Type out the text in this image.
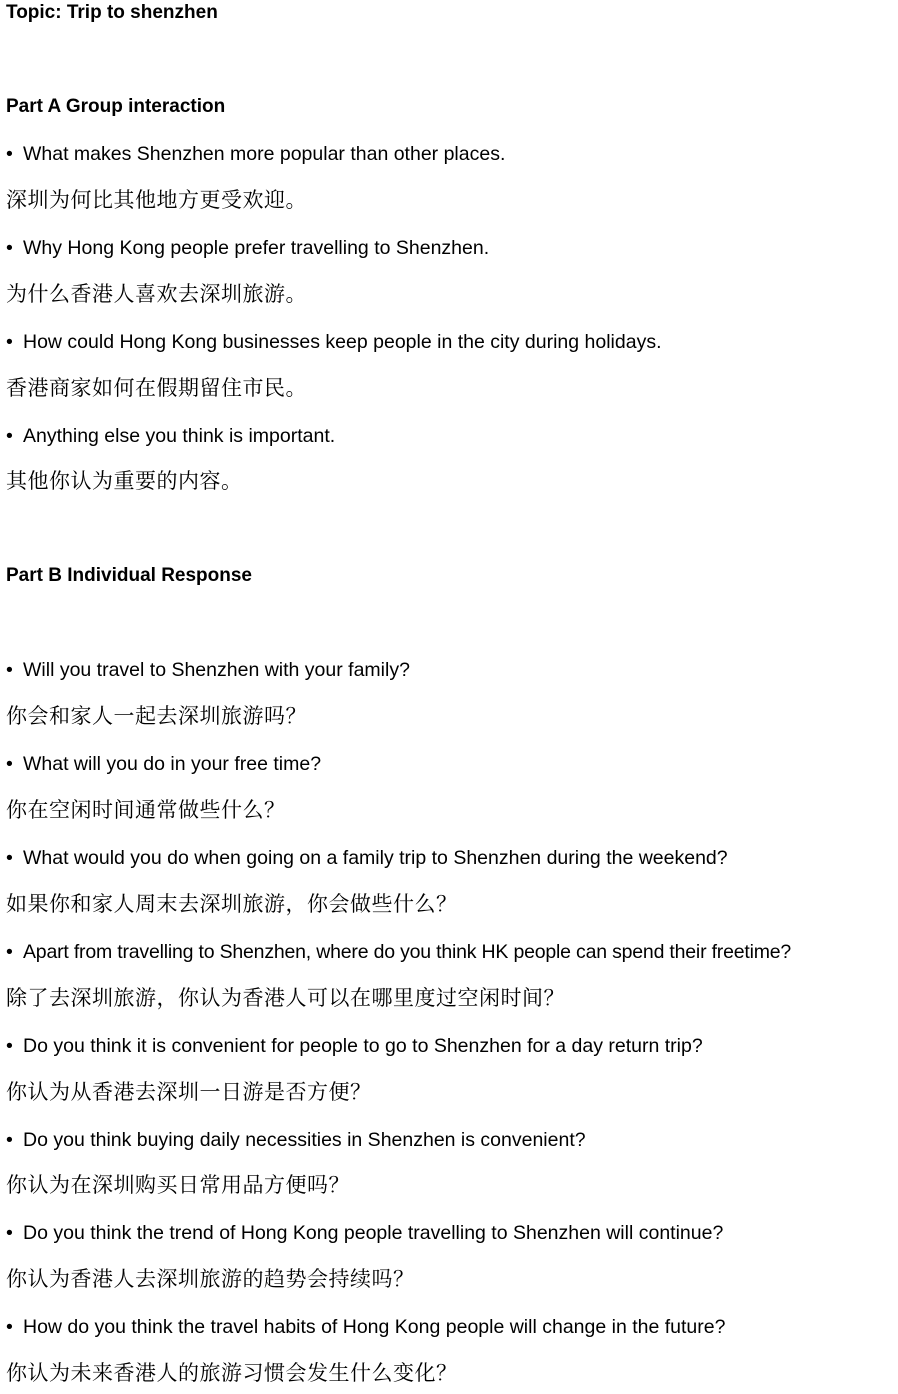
Topic: Trip to shenzhen
Part A Group interaction
• What makes Shenzhen more popular than other places.
深圳为何比其他地方更受欢迎。
• Why Hong Kong people prefer travelling to Shenzhen.
为什么香港人喜欢去深圳旅游。
• How could Hong Kong businesses keep people in the city during holidays.
香港商家如何在假期留住市民。
• Anything else you think is important.
其他你认为重要的内容。
Part B Individual Response
• Will you travel to Shenzhen with your family?
你会和家人一起去深圳旅游吗？
• What will you do in your free time?
你在空闲时间通常做些什么？
• What would you do when going on a family trip to Shenzhen during the weekend?
如果你和家人周末去深圳旅游，你会做些什么？
• Apart from travelling to Shenzhen, where do you think HK people can spend their freetime?
除了去深圳旅游，你认为香港人可以在哪里度过空闲时间？
• Do you think it is convenient for people to go to Shenzhen for a day return trip?
你认为从香港去深圳一日游是否方便？
• Do you think buying daily necessities in Shenzhen is convenient?
你认为在深圳购买日常用品方便吗？
• Do you think the trend of Hong Kong people travelling to Shenzhen will continue?
你认为香港人去深圳旅游的趋势会持续吗？
• How do you think the travel habits of Hong Kong people will change in the future?
你认为未来香港人的旅游习惯会发生什么变化？
